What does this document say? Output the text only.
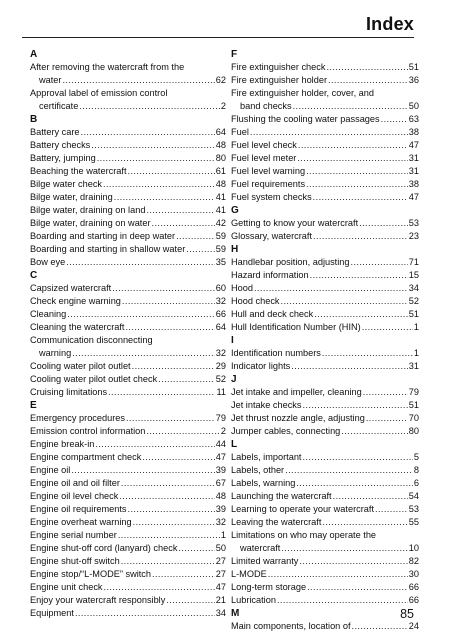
Index
A
After removing the watercraft from the
water .....	62
Approval label of emission control
certificate .....	2
B
Battery care .....	64
Battery checks .....	48
Battery, jumping .....	80
Beaching the watercraft .....	61
Bilge water check .....	48
Bilge water, draining .....	41
Bilge water, draining on land .....	41
Bilge water, draining on water .....	42
Boarding and starting in deep water .....	59
Boarding and starting in shallow water .....	59
Bow eye .....	35
C
Capsized watercraft .....	60
Check engine warning .....	32
Cleaning .....	66
Cleaning the watercraft .....	64
Communication disconnecting
warning .....	32
Cooling water pilot outlet .....	29
Cooling water pilot outlet check .....	52
Cruising limitations .....	11
E
Emergency procedures .....	79
Emission control information .....	2
Engine break-in .....	44
Engine compartment check .....	47
Engine oil .....	39
Engine oil and oil filter .....	67
Engine oil level check .....	48
Engine oil requirements .....	39
Engine overheat warning .....	32
Engine serial number .....	1
Engine shut-off cord (lanyard) check .....	50
Engine shut-off switch .....	27
Engine stop/“L-MODE” switch .....	27
Engine unit check .....	47
Enjoy your watercraft responsibly .....	21
Equipment .....	34
F
Fire extinguisher check .....	51
Fire extinguisher holder .....	36
Fire extinguisher holder, cover, and
band checks .....	50
Flushing the cooling water passages .....	63
Fuel .....	38
Fuel level check .....	47
Fuel level meter .....	31
Fuel level warning .....	31
Fuel requirements .....	38
Fuel system checks .....	47
G
Getting to know your watercraft .....	53
Glossary, watercraft .....	23
H
Handlebar position, adjusting .....	71
Hazard information .....	15
Hood .....	34
Hood check .....	52
Hull and deck check .....	51
Hull Identification Number (HIN) .....	1
I
Identification numbers .....	1
Indicator lights .....	31
J
Jet intake and impeller, cleaning .....	79
Jet intake checks .....	51
Jet thrust nozzle angle, adjusting .....	70
Jumper cables, connecting .....	80
L
Labels, important .....	5
Labels, other .....	8
Labels, warning .....	6
Launching the watercraft .....	54
Learning to operate your watercraft .....	53
Leaving the watercraft .....	55
Limitations on who may operate the
watercraft .....	10
Limited warranty .....	82
L-MODE .....	30
Long-term storage .....	66
Lubrication .....	66
M
Main components, location of .....	24
85
